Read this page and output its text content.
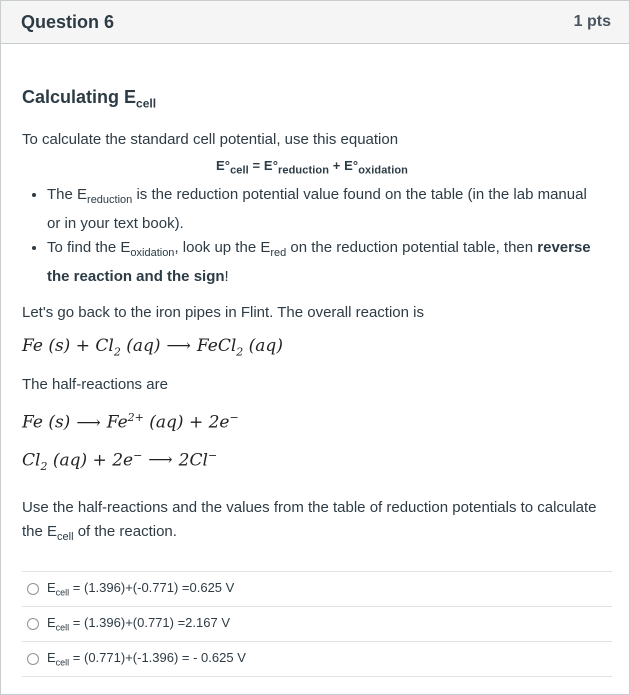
Question 6	1 pts
Calculating $E_{cell}$

To calculate the standard cell potential, use this equation

$E^\circ_{cell} = E^\circ_{reduction} + E^\circ_{oxidation}$
• The $E_{reduction}$ is the reduction potential value found on the table (in the lab manual or in your text book).
• To find the $E_{oxidation}$, look up the $E_{red}$ on the reduction potential table, then reverse the reaction and the sign!

Let's go back to the iron pipes in Flint. The overall reaction is

Fe $(s) + Cl_2$ (aq) ⟶ FeCl$_2$ (aq)

The half-reactions are

Fe (s) ⟶ $Fe^{2+}$ (aq) + 2e−
$Cl_2$ (aq) + 2e− ⟶ 2Cl−

Use the half-reactions and the values from the table of reduction potentials to calculate the $E_{cell}$ of the reaction.

$E_{cell} = (1.396)+(-0.771) =0.625$ V
$E_{cell} = (1.396)+(0.771) =2.167$ V
$E_{cell} = (0.771)+(-1.396)$ = - 0.625 V
